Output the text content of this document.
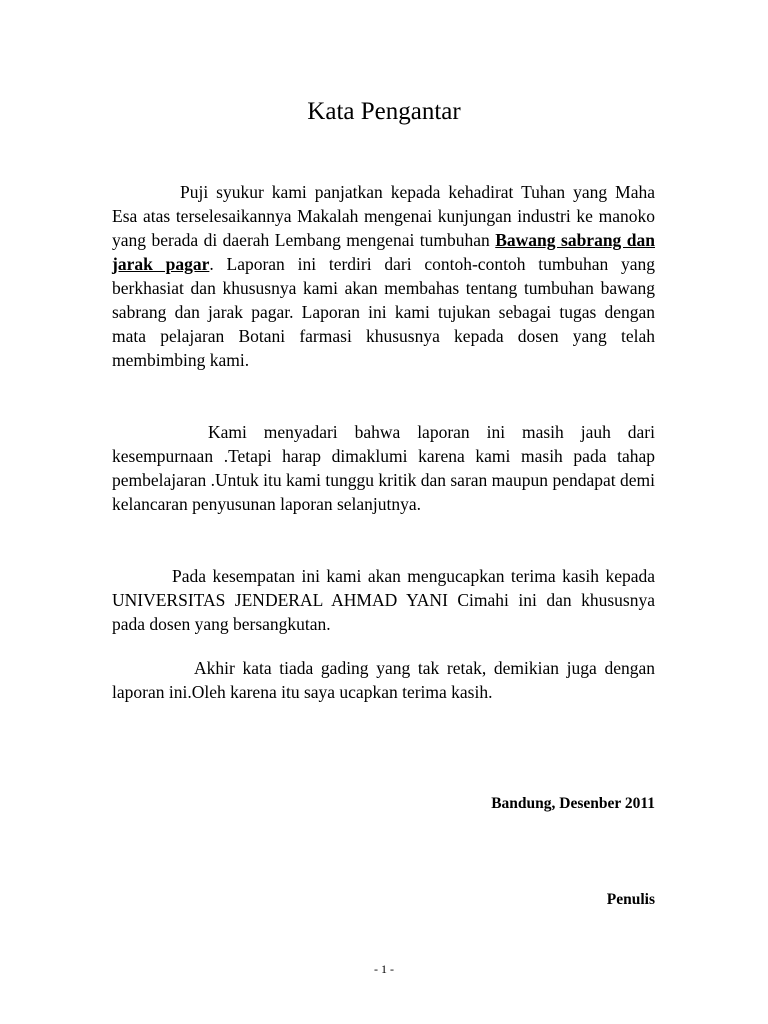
Kata Pengantar

Puji syukur kami panjatkan kepada kehadirat Tuhan yang Maha Esa atas terselesaikannya Makalah mengenai kunjungan industri ke manoko yang berada di daerah Lembang mengenai tumbuhan Bawang sabrang dan jarak pagar. Laporan ini terdiri dari contoh-contoh tumbuhan yang berkhasiat dan khususnya kami akan membahas tentang tumbuhan bawang sabrang dan jarak pagar. Laporan ini kami tujukan sebagai tugas dengan mata pelajaran Botani farmasi khususnya kepada dosen yang telah membimbing kami.

Kami menyadari bahwa laporan ini masih jauh dari kesempurnaan .Tetapi harap dimaklumi karena kami masih pada tahap pembelajaran .Untuk itu kami tunggu kritik dan saran maupun pendapat demi kelancaran penyusunan laporan selanjutnya.

Pada kesempatan ini kami akan mengucapkan terima kasih kepada UNIVERSITAS JENDERAL AHMAD YANI Cimahi ini dan khususnya pada dosen yang bersangkutan.

Akhir kata tiada gading yang tak retak, demikian juga dengan laporan ini.Oleh karena itu saya ucapkan terima kasih.

Bandung, Desenber 2011
Penulis
- 1 -
